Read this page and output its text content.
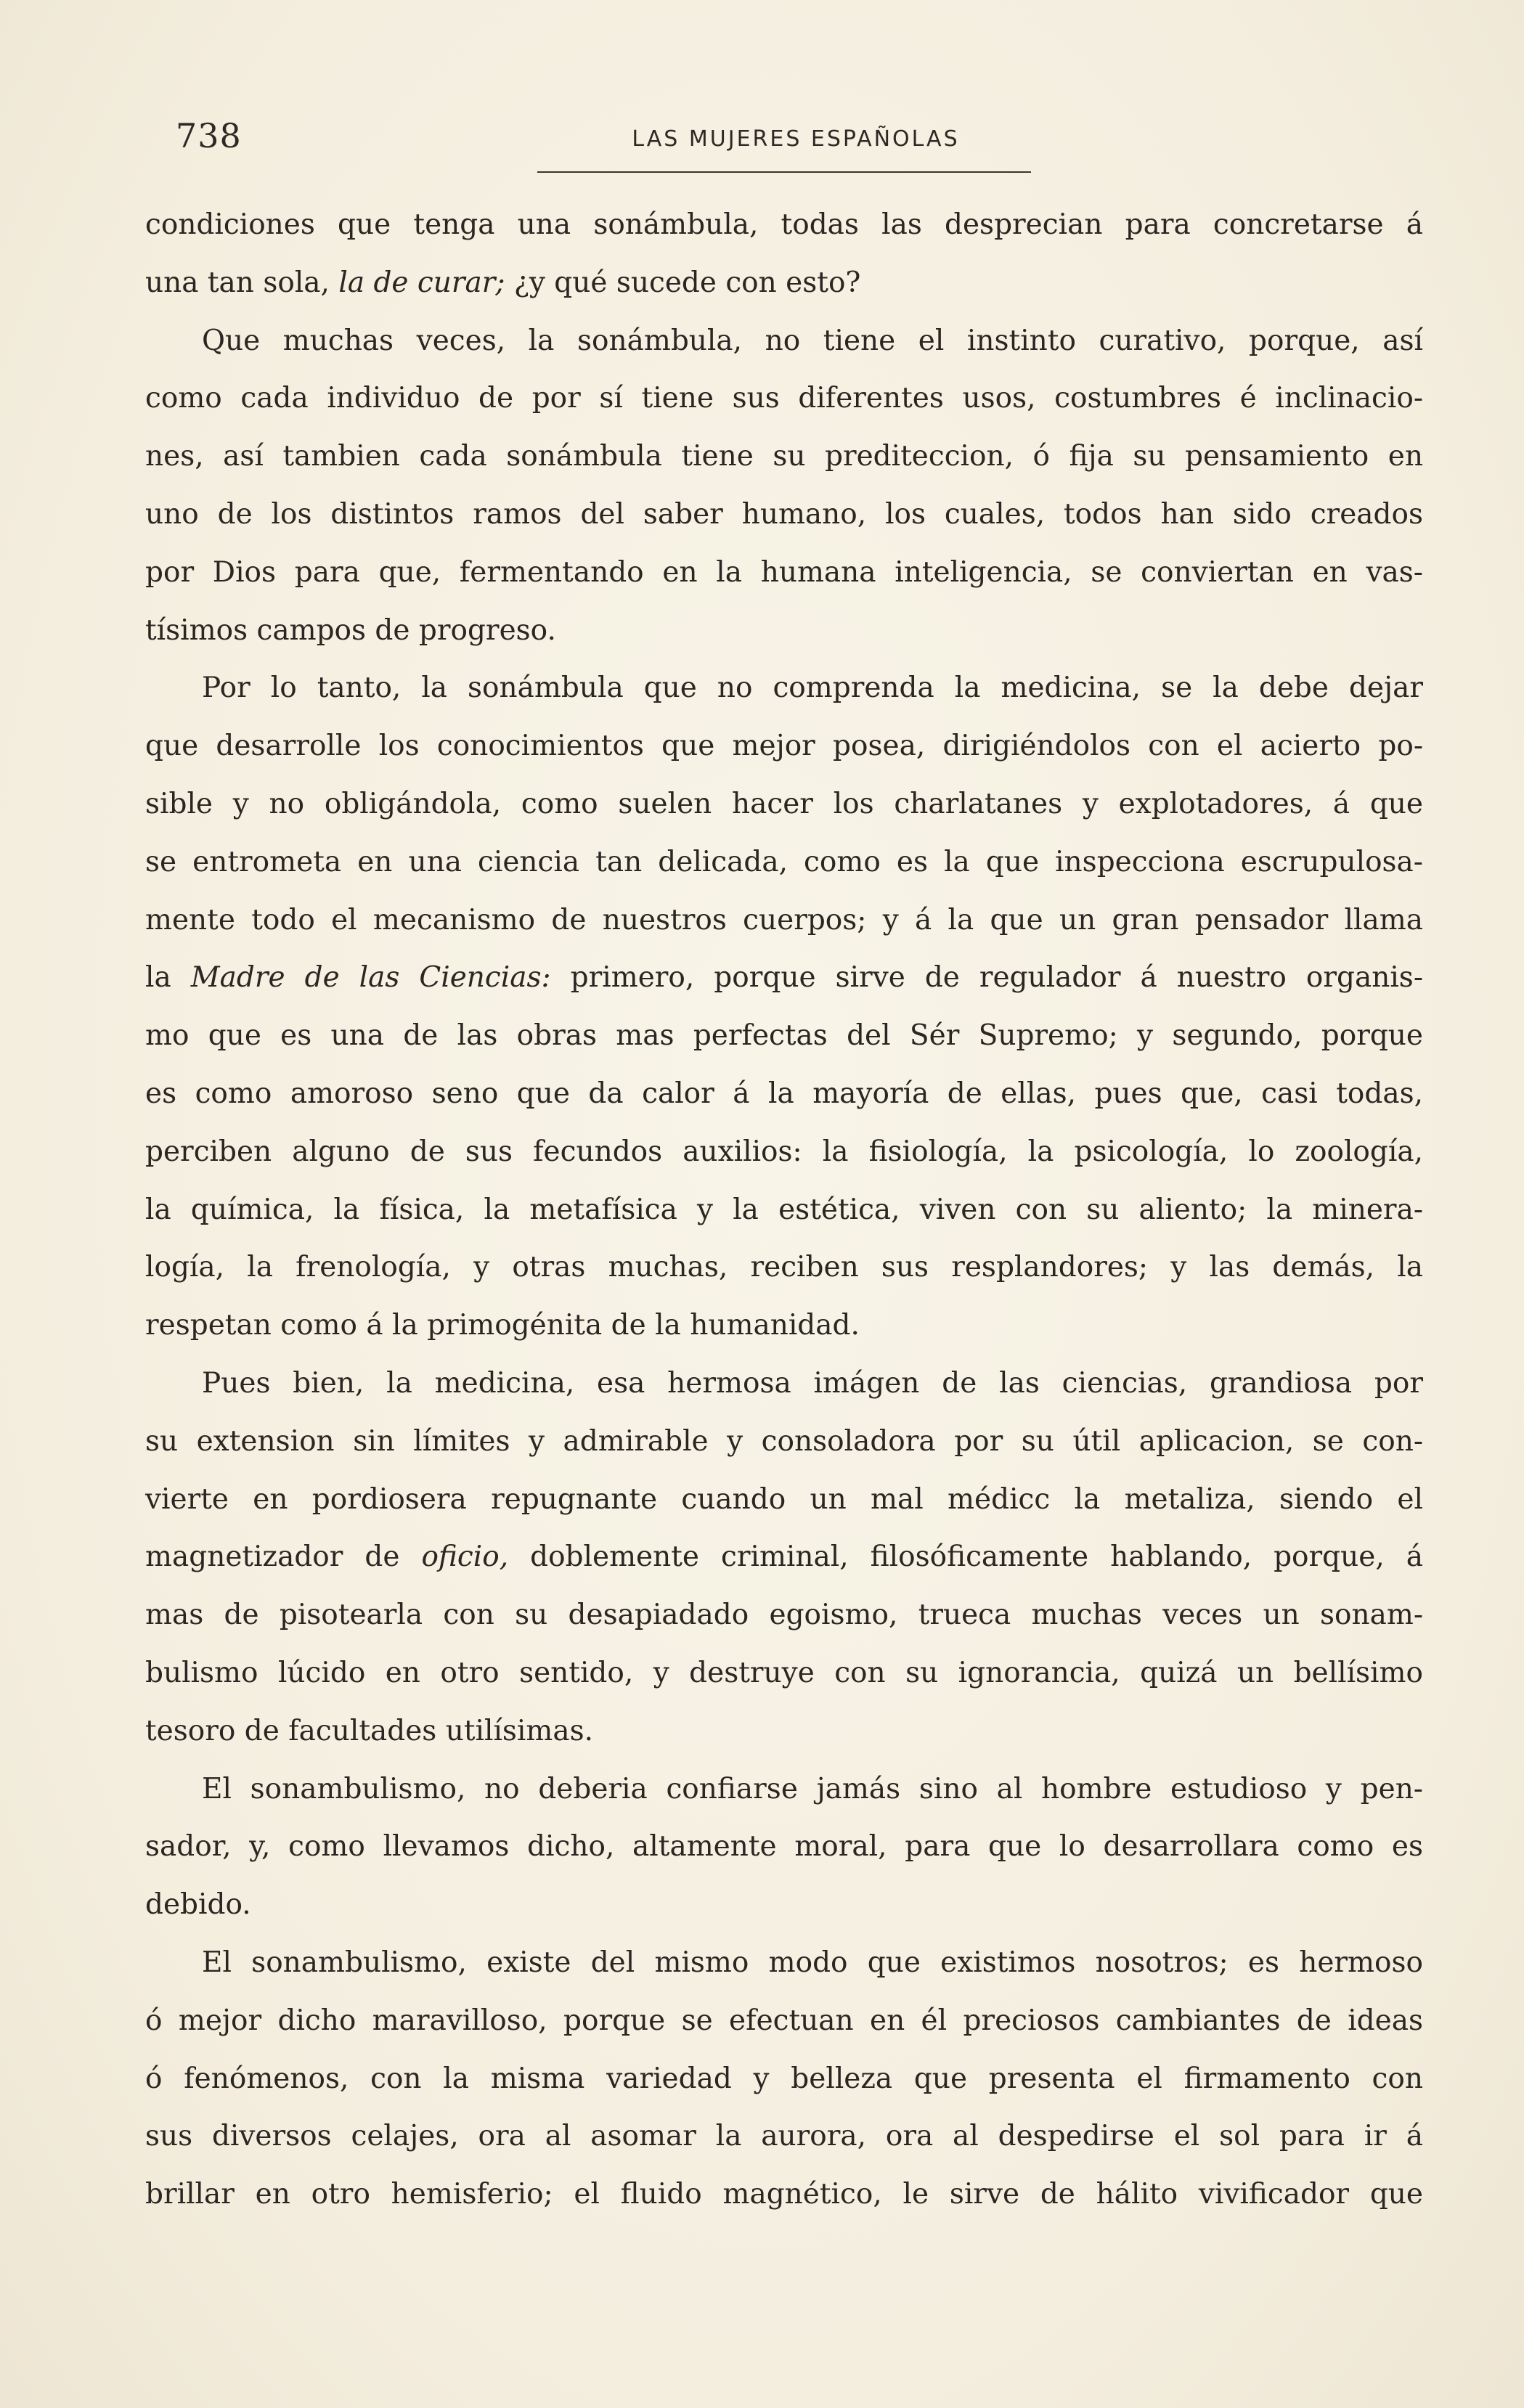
738	LAS MUJERES ESPAÑOLAS

condiciones que tenga una sonámbula, todas las desprecian para concretarse á
una tan sola, la de curar; ¿y qué sucede con esto?

Que muchas veces, la sonámbula, no tiene el instinto curativo, porque, así
como cada individuo de por sí tiene sus diferentes usos, costumbres é inclinacio-
nes, así tambien cada sonámbula tiene su prediteccion, ó fija su pensamiento en
uno de los distintos ramos del saber humano, los cuales, todos han sido creados
por Dios para que, fermentando en la humana inteligencia, se conviertan en vas-
tísimos campos de progreso.

Por lo tanto, la sonámbula que no comprenda la medicina, se la debe dejar
que desarrolle los conocimientos que mejor posea, dirigiéndolos con el acierto po-
sible y no obligándola, como suelen hacer los charlatanes y explotadores, á que
se entrometa en una ciencia tan delicada, como es la que inspecciona escrupulosa-
mente todo el mecanismo de nuestros cuerpos; y á la que un gran pensador llama
la Madre de las Ciencias: primero, porque sirve de regulador á nuestro organis-
mo que es una de las obras mas perfectas del Sér Supremo; y segundo, porque
es como amoroso seno que da calor á la mayoría de ellas, pues que, casi todas,
perciben alguno de sus fecundos auxilios: la fisiología, la psicología, lo zoología,
la química, la física, la metafísica y la estética, viven con su aliento; la minera-
logía, la frenología, y otras muchas, reciben sus resplandores; y las demás, la
respetan como á la primogénita de la humanidad.

Pues bien, la medicina, esa hermosa imágen de las ciencias, grandiosa por
su extension sin límites y admirable y consoladora por su útil aplicacion, se con-
vierte en pordiosera repugnante cuando un mal médicc la metaliza, siendo el
magnetizador de oficio, doblemente criminal, filosóficamente hablando, porque, á
mas de pisotearla con su desapiadado egoismo, trueca muchas veces un sonam-
bulismo lúcido en otro sentido, y destruye con su ignorancia, quizá un bellísimo
tesoro de facultades utilísimas.

El sonambulismo, no deberia confiarse jamás sino al hombre estudioso y pen-
sador, y, como llevamos dicho, altamente moral, para que lo desarrollara como es
debido.

El sonambulismo, existe del mismo modo que existimos nosotros; es hermoso
ó mejor dicho maravilloso, porque se efectuan en él preciosos cambiantes de ideas
ó fenómenos, con la misma variedad y belleza que presenta el firmamento con
sus diversos celajes, ora al asomar la aurora, ora al despedirse el sol para ir á
brillar en otro hemisferio; el fluido magnético, le sirve de hálito vivificador que
